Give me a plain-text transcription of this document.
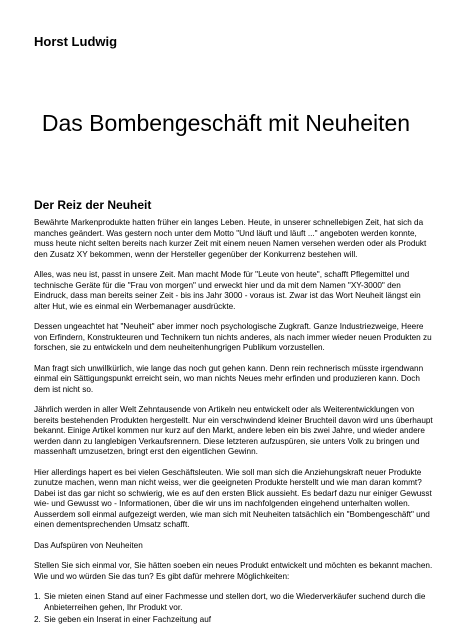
Horst Ludwig
Das Bombengeschäft mit Neuheiten
Der Reiz der Neuheit

Bewährte Markenprodukte hatten früher ein langes Leben. Heute, in unserer schnellebigen Zeit, hat sich da manches geändert. Was gestern noch unter dem Motto "Und läuft und läuft ..." angeboten werden konnte, muss heute nicht selten bereits nach kurzer Zeit mit einem neuen Namen versehen werden oder als Produkt den Zusatz XY bekommen, wenn der Hersteller gegenüber der Konkurrenz bestehen will.

Alles, was neu ist, passt in unsere Zeit. Man macht Mode für "Leute von heute", schafft Pflegemittel und technische Geräte für die "Frau von morgen" und erweckt hier und da mit dem Namen "XY-3000" den Eindruck, dass man bereits seiner Zeit - bis ins Jahr 3000 - voraus ist. Zwar ist das Wort Neuheit längst ein alter Hut, wie es einmal ein Werbemanager ausdrückte.

Dessen ungeachtet hat "Neuheit" aber immer noch psychologische Zugkraft. Ganze Industriezweige, Heere von Erfindern, Konstrukteuren und Technikern tun nichts anderes, als nach immer wieder neuen Produkten zu forschen, sie zu entwickeln und dem neuheitenhungrigen Publikum vorzustellen.

Man fragt sich unwillkürlich, wie lange das noch gut gehen kann. Denn rein rechnerisch müsste irgendwann einmal ein Sättigungspunkt erreicht sein, wo man nichts Neues mehr erfinden und produzieren kann. Doch dem ist nicht so.

Jährlich werden in aller Welt Zehntausende von Artikeln neu entwickelt oder als Weiterentwicklungen von bereits bestehenden Produkten hergestellt. Nur ein verschwindend kleiner Bruchteil davon wird uns überhaupt bekannt. Einige Artikel kommen nur kurz auf den Markt, andere leben ein bis zwei Jahre, und wieder andere werden dann zu langlebigen Verkaufsrennern. Diese letzteren aufzuspüren, sie unters Volk zu bringen und massenhaft umzusetzen, bringt erst den eigentlichen Gewinn.

Hier allerdings hapert es bei vielen Geschäftsleuten. Wie soll man sich die Anziehungskraft neuer Produkte zunutze machen, wenn man nicht weiss, wer die geeigneten Produkte herstellt und wie man daran kommt? Dabei ist das gar nicht so schwierig, wie es auf den ersten Blick aussieht. Es bedarf dazu nur einiger Gewusst wie- und Gewusst wo - Informationen, über die wir uns im nachfolgenden eingehend unterhalten wollen. Ausserdem soll einmal aufgezeigt werden, wie man sich mit Neuheiten tatsächlich ein "Bombengeschäft" und einen dementsprechenden Umsatz schafft.

Das Aufspüren von Neuheiten

Stellen Sie sich einmal vor, Sie hätten soeben ein neues Produkt entwickelt und möchten es bekannt machen. Wie und wo würden Sie das tun? Es gibt dafür mehrere Möglichkeiten:

1. Sie mieten einen Stand auf einer Fachmesse und stellen dort, wo die Wiederverkäufer suchend durch die Anbieterreihen gehen, Ihr Produkt vor.
2. Sie geben ein Inserat in einer Fachzeitung auf
